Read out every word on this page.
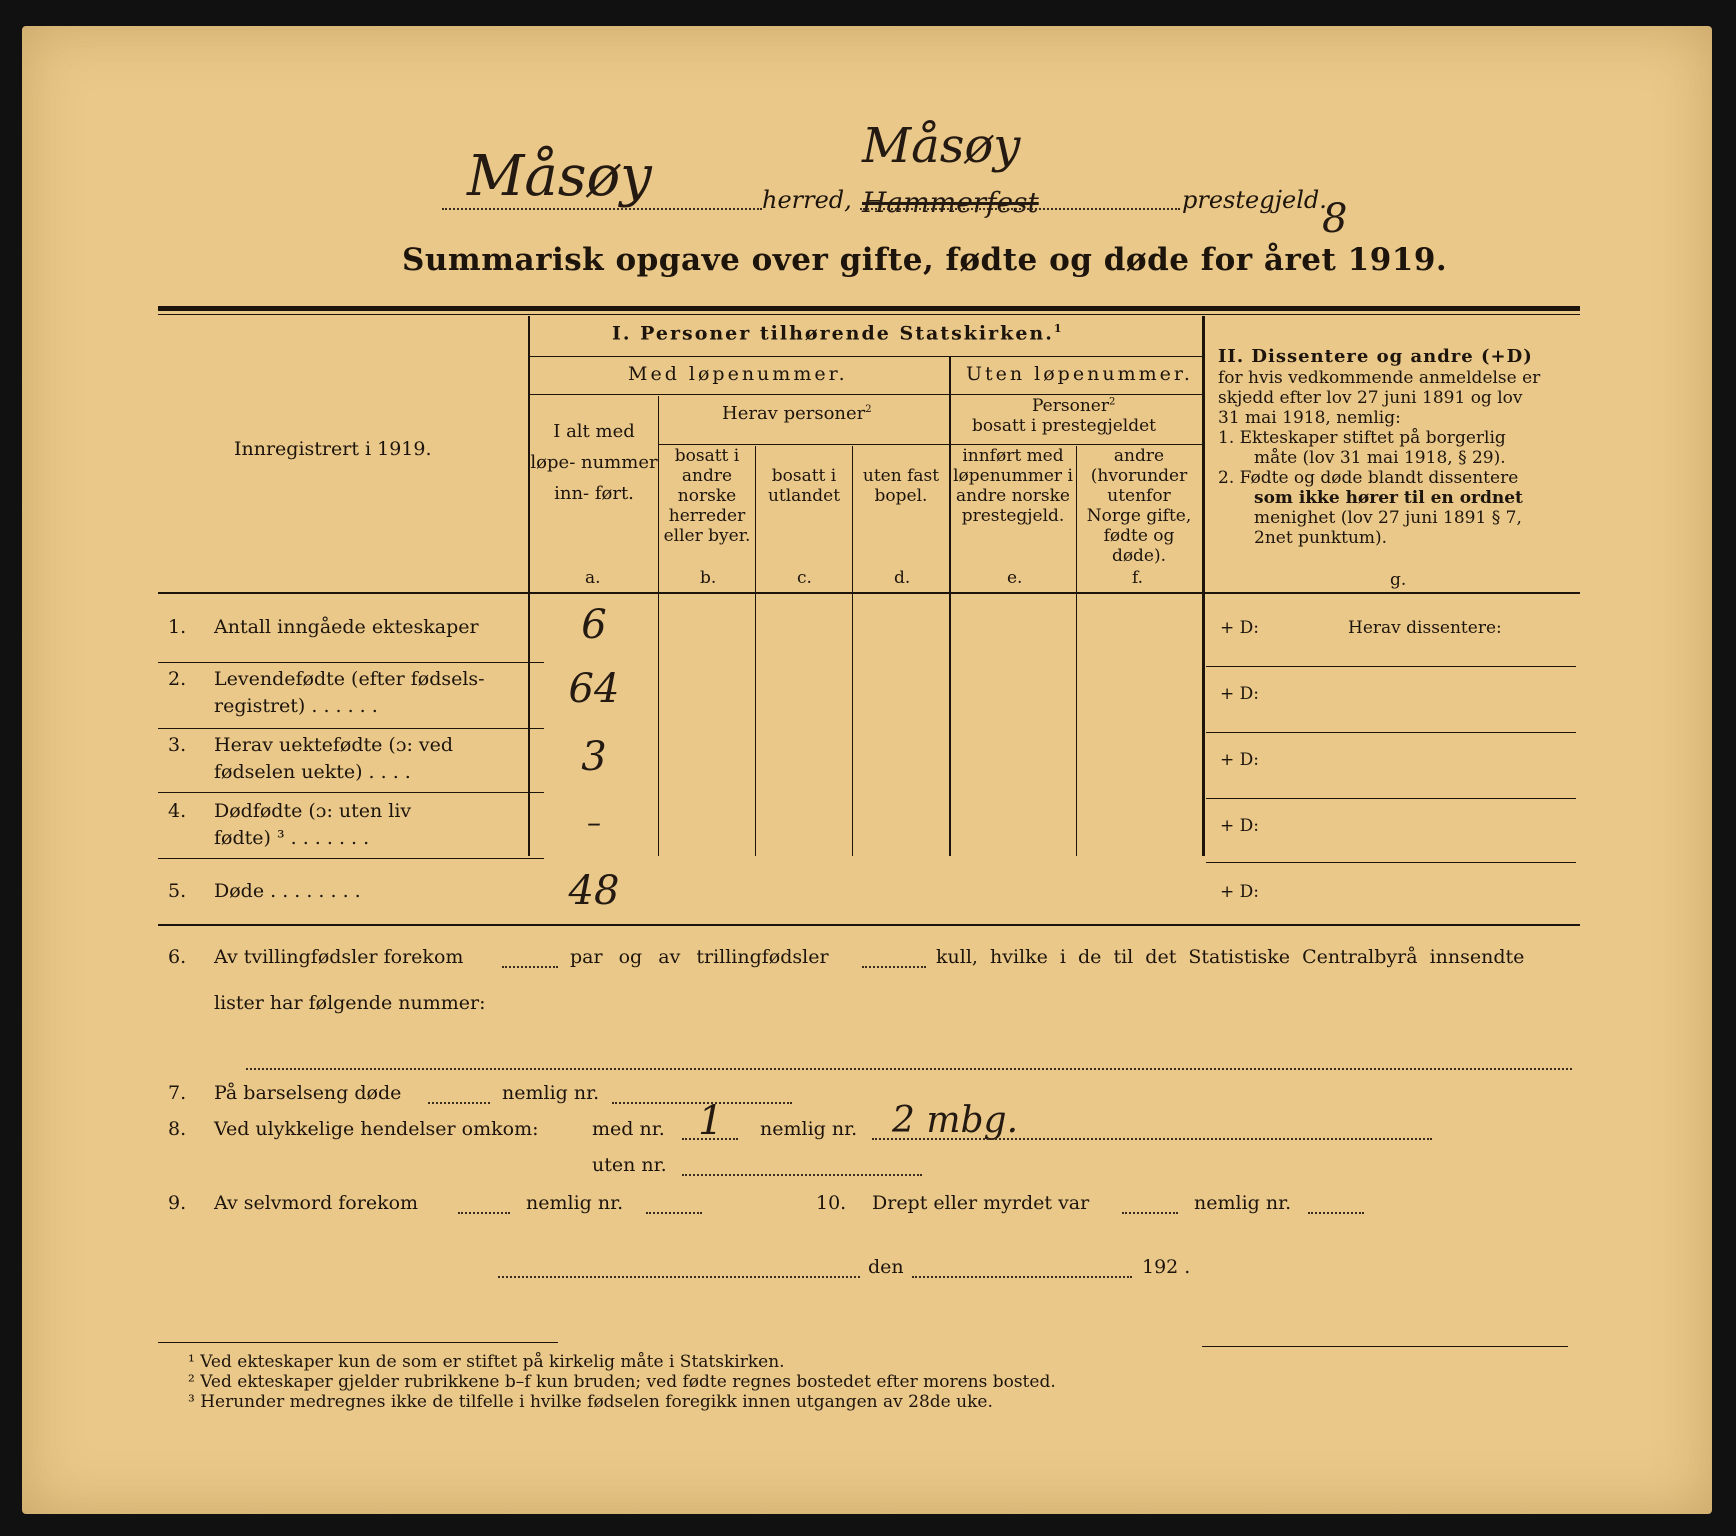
Måsøy	herred,
Måsøy
Hammerfest	prestegjeld.
8
Summarisk opgave over gifte, fødte og døde for året 1919.
I. Personer tilhørende Statskirken.$^1$
Med løpenummer.	Uten løpenummer.
Herav personer$^2$	Personer$^2$
bosatt i prestegjeldet
Innregistrert i 1919.
I alt med løpe- nummer inn- ført.
bosatt i andre norske herreder eller byer.
bosatt i utlandet
uten fast bopel.
innført med løpenummer i andre norske prestegjeld.
andre (hvorunder utenfor Norge gifte, fødte og døde).
a.	b.	c.	d.	e.	f.
II. Dissentere og andre (+D)
for hvis vedkommende anmeldelse er
skjedd efter lov 27 juni 1891 og lov
31 mai 1918, nemlig:
1. Ekteskaper stiftet på borgerlig
måte (lov 31 mai 1918, § 29).
2. Fødte og døde blandt dissentere
som ikke hører til en ordnet
menighet (lov 27 juni 1891 § 7,
2net punktum).
g.
1. Antall inngåede ekteskaper	6	+ D:	Herav dissentere:
2. Levendefødte (efter fødsels-
registret) . . . . . .	64	+ D:
3. Herav uektefødte (ɔ: ved
fødselen uekte) . . . .	3	+ D:
4. Dødfødte (ɔ: uten liv
fødte) ³ . . . . . . .	–	+ D:
5. Døde . . . . . . . .	48	+ D:
6. Av tvillingfødsler forekom	par og av trillingfødsler	kull, hvilke i de til det Statistiske Centralbyrå innsendte
lister har følgende nummer:
7. På barselseng døde	nemlig nr.
8. Ved ulykkelige hendelser omkom:	med nr. 1 nemlig nr. 2 mbg.
uten nr.
9. Av selvmord forekom	nemlig nr.	10. Drept eller myrdet var	nemlig nr.
den	192 .
¹ Ved ekteskaper kun de som er stiftet på kirkelig måte i Statskirken.
² Ved ekteskaper gjelder rubrikkene b–f kun bruden; ved fødte regnes bostedet efter morens bosted.
³ Herunder medregnes ikke de tilfelle i hvilke fødselen foregikk innen utgangen av 28de uke.
